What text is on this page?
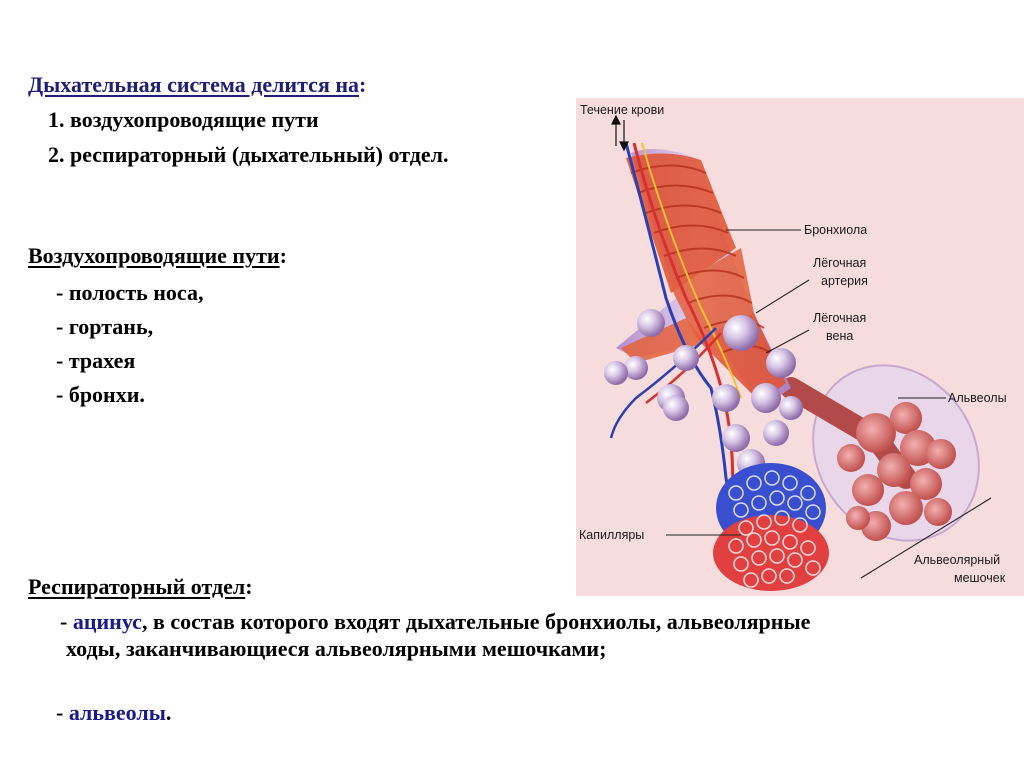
Дыхательная система делится на:
1. воздухопроводящие пути
2. респираторный (дыхательный) отдел.
Воздухопроводящие пути:
- полость носа,
- гортань,
- трахея
- бронхи.
Респираторный отдел:
- ацинус, в состав которого входят дыхательные бронхиолы, альвеолярные ходы, заканчивающиеся альвеолярными мешочками;
- альвеолы.
Течение крови
Бронхиола
Лёгочная
артерия
Лёгочная
вена
Альвеолы
Капилляры
Альвеолярный
мешочек
